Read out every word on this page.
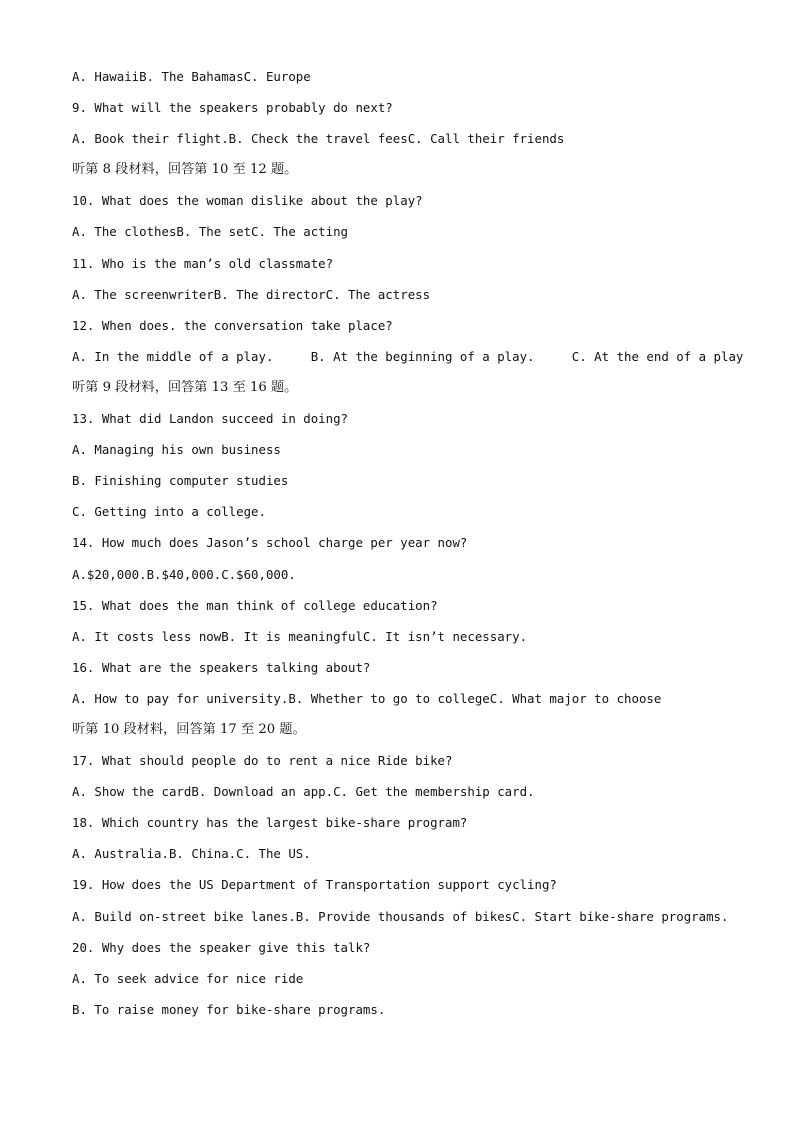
A. HawaiiB. The BahamasC. Europe
9. What will the speakers probably do next?
A. Book their flight.B. Check the travel feesC. Call their friends
听第 8 段材料，回答第 10 至 12 题。
10. What does the woman dislike about the play?
A. The clothesB. The setC. The acting
11. Who is the man’s old classmate?
A. The screenwriterB. The directorC. The actress
12. When does. the conversation take place?
A. In the middle of a play.     B. At the beginning of a play.     C. At the end of a play
听第 9 段材料，回答第 13 至 16 题。
13. What did Landon succeed in doing?
A. Managing his own business
B. Finishing computer studies
C. Getting into a college.
14. How much does Jason’s school charge per year now?
A.$20,000.B.$40,000.C.$60,000.
15. What does the man think of college education?
A. It costs less nowB. It is meaningfulC. It isn’t necessary.
16. What are the speakers talking about?
A. How to pay for university.B. Whether to go to collegeC. What major to choose
听第 10 段材料，回答第 17 至 20 题。
17. What should people do to rent a nice Ride bike?
A. Show the cardB. Download an app.C. Get the membership card.
18. Which country has the largest bike-share program?
A. Australia.B. China.C. The US.
19. How does the US Department of Transportation support cycling?
A. Build on-street bike lanes.B. Provide thousands of bikesC. Start bike-share programs.
20. Why does the speaker give this talk?
A. To seek advice for nice ride
B. To raise money for bike-share programs.
